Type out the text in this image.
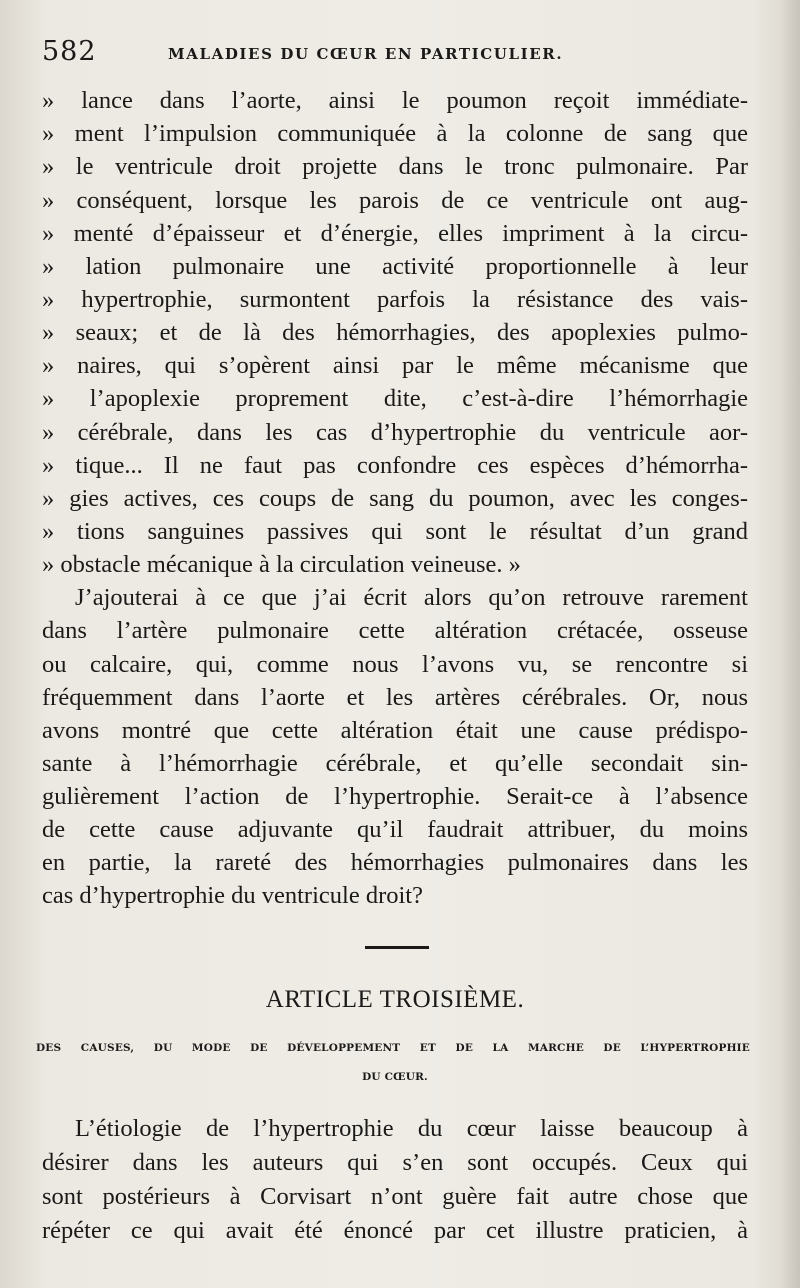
582	MALADIES DU CŒUR EN PARTICULIER.
» lance dans l’aorte, ainsi le poumon reçoit immédiate-
» ment l’impulsion communiquée à la colonne de sang que
» le ventricule droit projette dans le tronc pulmonaire. Par
» conséquent, lorsque les parois de ce ventricule ont aug-
» menté d’épaisseur et d’énergie, elles impriment à la circu-
» lation pulmonaire une activité proportionnelle à leur
» hypertrophie, surmontent parfois la résistance des vais-
» seaux; et de là des hémorrhagies, des apoplexies pulmo-
» naires, qui s’opèrent ainsi par le même mécanisme que
» l’apoplexie proprement dite, c’est-à-dire l’hémorrhagie
» cérébrale, dans les cas d’hypertrophie du ventricule aor-
» tique... Il ne faut pas confondre ces espèces d’hémorrha-
» gies actives, ces coups de sang du poumon, avec les conges-
» tions sanguines passives qui sont le résultat d’un grand
» obstacle mécanique à la circulation veineuse. »
J’ajouterai à ce que j’ai écrit alors qu’on retrouve rarement
dans l’artère pulmonaire cette altération crétacée, osseuse
ou calcaire, qui, comme nous l’avons vu, se rencontre si
fréquemment dans l’aorte et les artères cérébrales. Or, nous
avons montré que cette altération était une cause prédispo-
sante à l’hémorrhagie cérébrale, et qu’elle secondait sin-
gulièrement l’action de l’hypertrophie. Serait-ce à l’absence
de cette cause adjuvante qu’il faudrait attribuer, du moins
en partie, la rareté des hémorrhagies pulmonaires dans les
cas d’hypertrophie du ventricule droit?
ARTICLE TROISIÈME.
DES CAUSES, DU MODE DE DÉVELOPPEMENT ET DE LA MARCHE DE L’HYPERTROPHIE
DU CŒUR.
L’étiologie de l’hypertrophie du cœur laisse beaucoup à
désirer dans les auteurs qui s’en sont occupés. Ceux qui
sont postérieurs à Corvisart n’ont guère fait autre chose que
répéter ce qui avait été énoncé par cet illustre praticien, à
